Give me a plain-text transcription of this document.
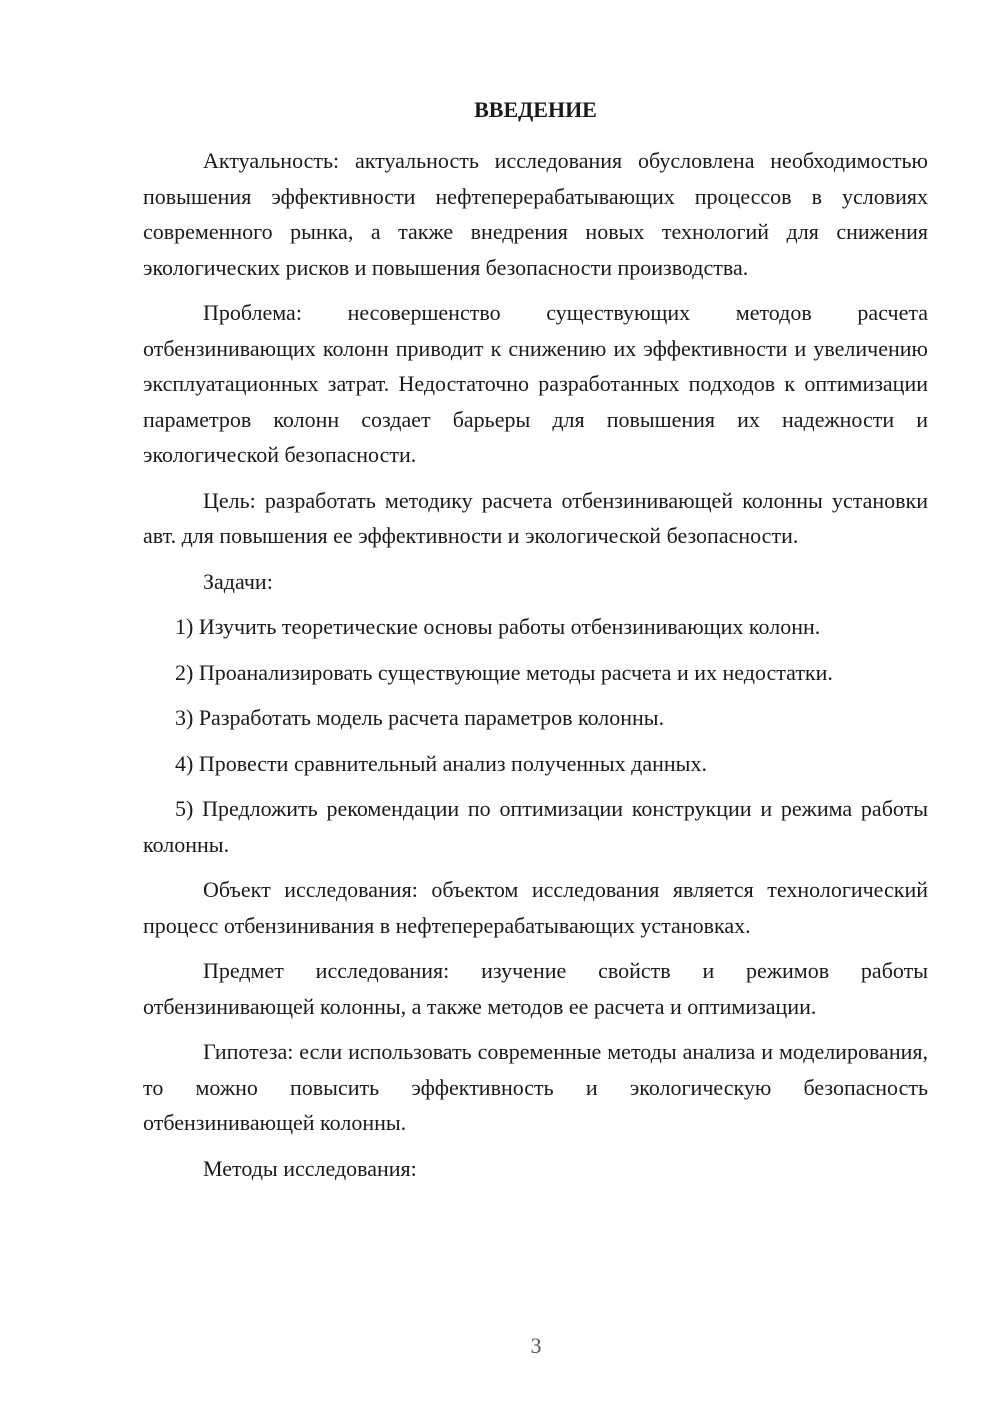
ВВЕДЕНИЕ

Актуальность: актуальность исследования обусловлена необходимостью повышения эффективности нефтеперерабатывающих процессов в условиях современного рынка, а также внедрения новых технологий для снижения экологических рисков и повышения безопасности производства.

Проблема: несовершенство существующих методов расчета отбензинивающих колонн приводит к снижению их эффективности и увеличению эксплуатационных затрат. Недостаточно разработанных подходов к оптимизации параметров колонн создает барьеры для повышения их надежности и экологической безопасности.

Цель: разработать методику расчета отбензинивающей колонны установки авт. для повышения ее эффективности и экологической безопасности.

Задачи:

1) Изучить теоретические основы работы отбензинивающих колонн.

2) Проанализировать существующие методы расчета и их недостатки.

3) Разработать модель расчета параметров колонны.

4) Провести сравнительный анализ полученных данных.

5) Предложить рекомендации по оптимизации конструкции и режима работы колонны.

Объект исследования: объектом исследования является технологический процесс отбензинивания в нефтеперерабатывающих установках.

Предмет исследования: изучение свойств и режимов работы отбензинивающей колонны, а также методов ее расчета и оптимизации.

Гипотеза: если использовать современные методы анализа и моделирования, то можно повысить эффективность и экологическую безопасность отбензинивающей колонны.

Методы исследования:

3
